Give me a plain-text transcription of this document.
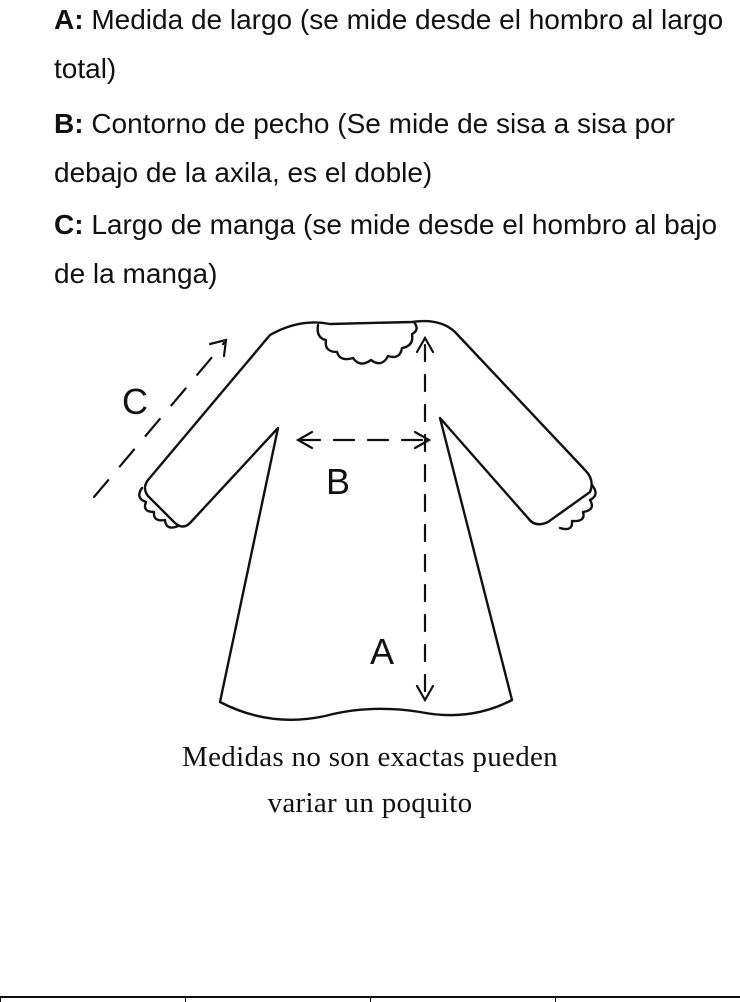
A: Medida de largo (se mide desde el hombro al largo total)

B: Contorno de pecho (Se mide de sisa a sisa por debajo de la axila, es el doble)

C: Largo de manga (se mide desde el hombro al bajo de la manga)

A
B
C
Medidas no son exactas pueden
variar un poquito
